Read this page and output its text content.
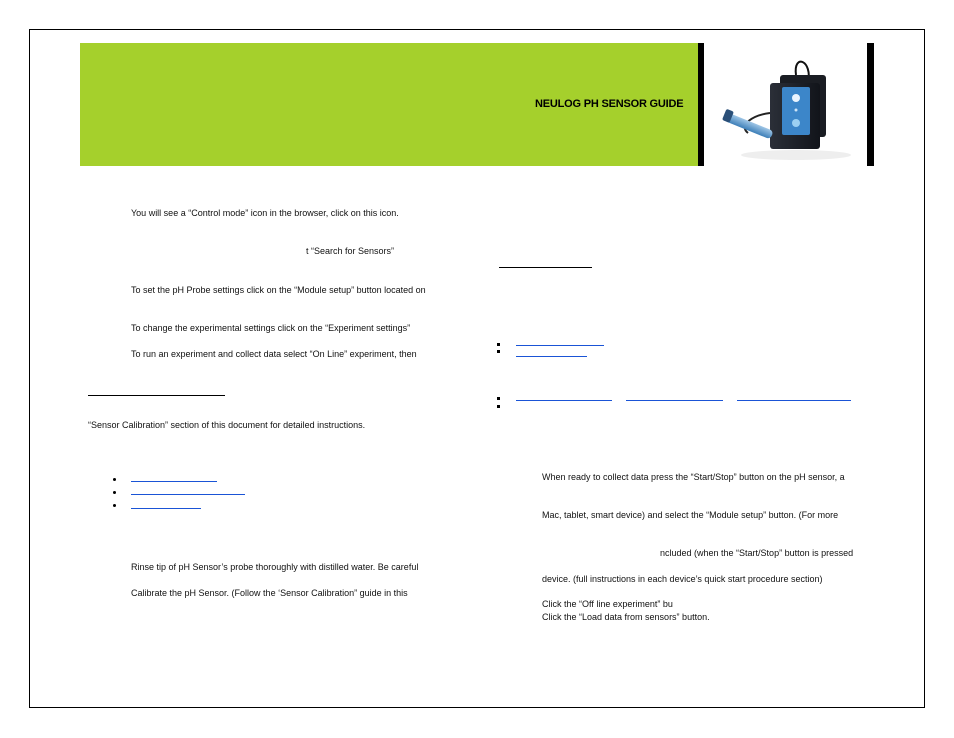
NEULOG PH SENSOR GUIDE
You will see a “Control mode” icon in the browser, click on this icon.
t “Search for Sensors”
To set the pH Probe settings click on the “Module setup” button located on
To change the experimental settings click on the “Experiment settings”
To run an experiment and collect data select “On Line” experiment, then
“Sensor Calibration” section of this document for detailed instructions.
Rinse tip of pH Sensor’s probe thoroughly with distilled water. Be careful
Calibrate the pH Sensor. (Follow the ‘Sensor Calibration” guide in this
When ready to collect data press the “Start/Stop” button on the pH sensor, a
Mac, tablet, smart device) and select the “Module setup” button. (For more
ncluded (when the “Start/Stop” button is pressed
device. (full instructions in each device’s quick start procedure section)
Click the “Off line experiment” bu
Click the “Load data from sensors” button.
